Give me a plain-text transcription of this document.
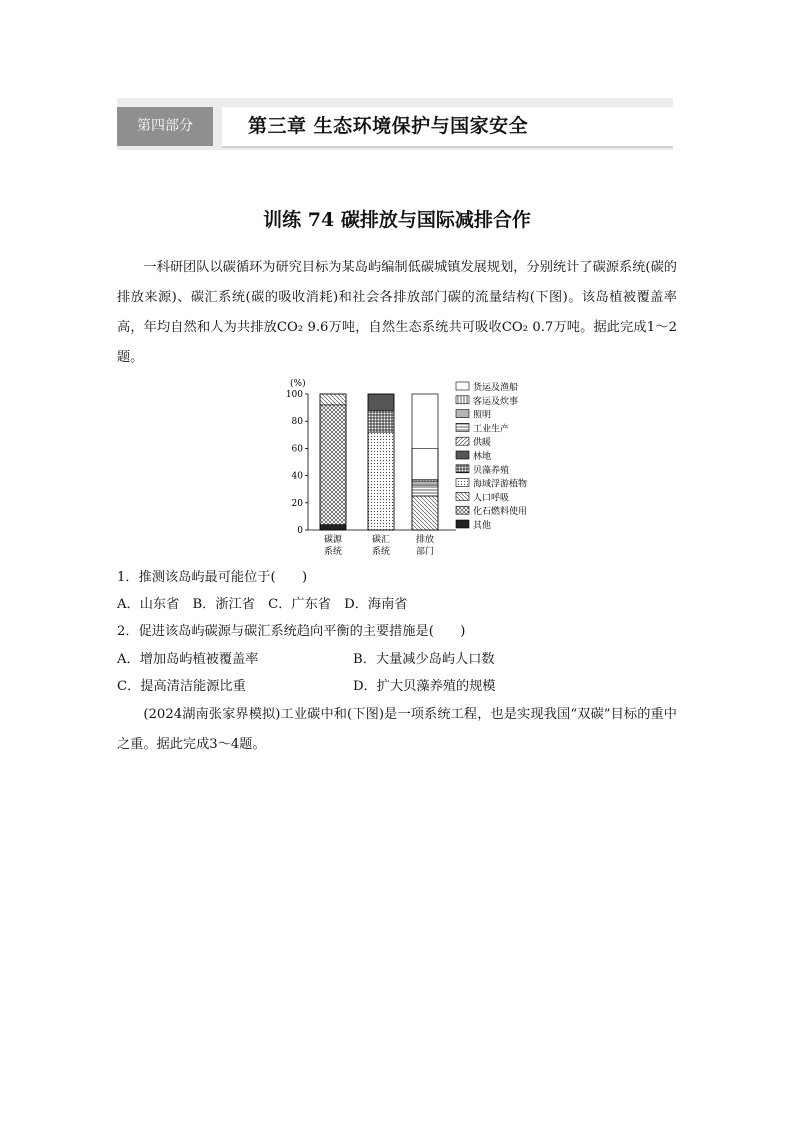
第四部分	第三章 生态环境保护与国家安全
训练 74 碳排放与国际减排合作

一科研团队以碳循环为研究目标为某岛屿编制低碳城镇发展规划，分别统计了碳源系统(碳的排放来源)、碳汇系统(碳的吸收消耗)和社会各排放部门碳的流量结构(下图)。该岛植被覆盖率高，年均自然和人为共排放CO₂ 9.6万吨，自然生态系统共可吸收CO₂ 0.7万吨。据此完成1～2题。

(%)
0
20
40
60
80
100
碳源
系统
碳汇
系统
排放
部门
货运及渔船
客运及炊事
照明
工业生产
供暖
林地
贝藻养殖
海域浮游植物
人口呼吸
化石燃料使用
其他
1．推测该岛屿最可能位于(　　)
A．山东省　 B．浙江省　 C．广东省　 D．海南省
2．促进该岛屿碳源与碳汇系统趋向平衡的主要措施是(　　)
A．增加岛屿植被覆盖率	B．大量减少岛屿人口数
C．提高清洁能源比重	D．扩大贝藻养殖的规模

(2024湖南张家界模拟)工业碳中和(下图)是一项系统工程，也是实现我国“双碳”目标的重中之重。据此完成3～4题。
